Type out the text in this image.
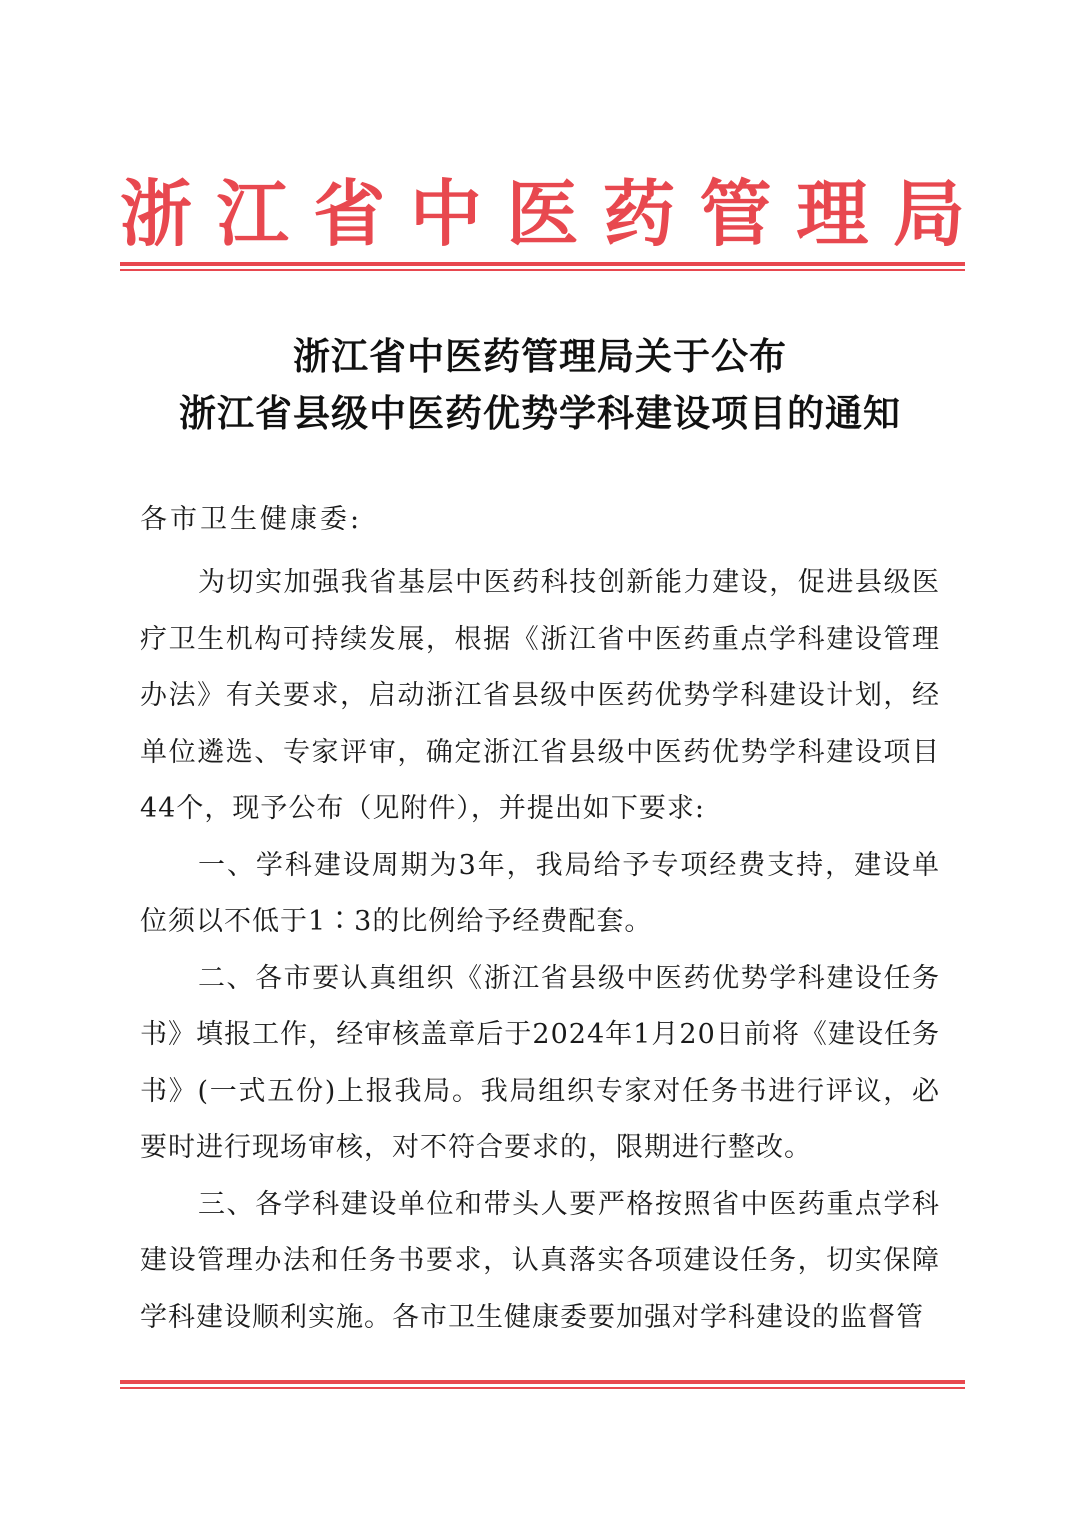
浙 江 省 中 医 药 管 理 局
浙江省中医药管理局关于公布
浙江省县级中医药优势学科建设项目的通知
各市卫生健康委:

为切实加强我省基层中医药科技创新能力建设，促进县级医疗卫生机构可持续发展，根据《浙江省中医药重点学科建设管理办法》有关要求，启动浙江省县级中医药优势学科建设计划，经单位遴选、专家评审，确定浙江省县级中医药优势学科建设项目44个，现予公布（见附件），并提出如下要求:

一、学科建设周期为3年，我局给予专项经费支持，建设单位须以不低于1∶3的比例给予经费配套。

二、各市要认真组织《浙江省县级中医药优势学科建设任务书》填报工作，经审核盖章后于2024年1月20日前将《建设任务书》(一式五份)上报我局。我局组织专家对任务书进行评议，必要时进行现场审核，对不符合要求的，限期进行整改。

三、各学科建设单位和带头人要严格按照省中医药重点学科建设管理办法和任务书要求，认真落实各项建设任务，切实保障学科建设顺利实施。各市卫生健康委要加强对学科建设的监督管
